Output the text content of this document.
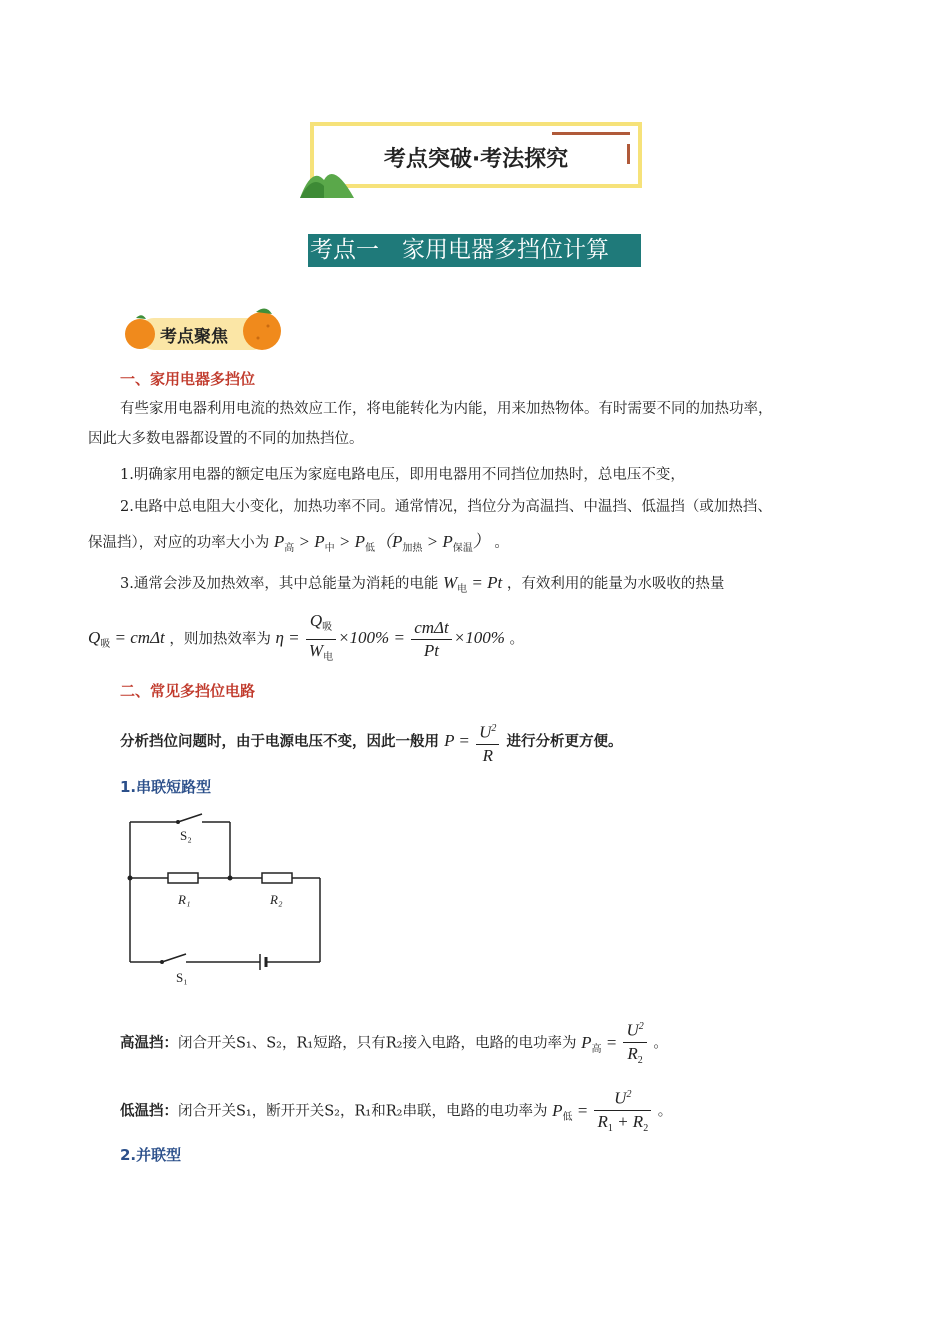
考点突破·考法探究
考点一　家用电器多挡位计算
考点聚焦
一、家用电器多挡位
有些家用电器利用电流的热效应工作，将电能转化为内能，用来加热物体。有时需要不同的加热功率，
因此大多数电器都设置的不同的加热挡位。
1.明确家用电器的额定电压为家庭电路电压，即用电器用不同挡位加热时，总电压不变，
2.电路中总电阻大小变化，加热功率不同。通常情况，挡位分为高温挡、中温挡、低温挡（或加热挡、
保温挡），对应的功率大小为 $P_高 > P_中 > P_低(P_{加热} > P_{保温})$ 。
3.通常会涉及加热效率，其中总能量为消耗的电能 $W_电 = Pt$ ，有效利用的能量为水吸收的热量
$Q_吸 = cm\Delta t$ ，则加热效率为 $\eta = \frac{Q_吸}{W_电} \times 100\% = \frac{\text{cmΔt}}{Pt} \times 100\%$ 。
二、常见多挡位电路
分析挡位问题时，由于电源电压不变，因此一般用 $P = \frac{U^2}{R}$ 进行分析更方便。
1.串联短路型
S₂
R₁	R₂
S₁
高温挡：闭合开关S₁、S₂，R₁短路，只有R₂接入电路，电路的电功率为 $P_高 = \frac{U^2}{R_2}$ 。
低温挡：闭合开关S₁，断开开关S₂，R₁和R₂串联，电路的电功率为 $P_低 = \frac{U^2}{R_1 + R_2}$ 。
2.并联型
